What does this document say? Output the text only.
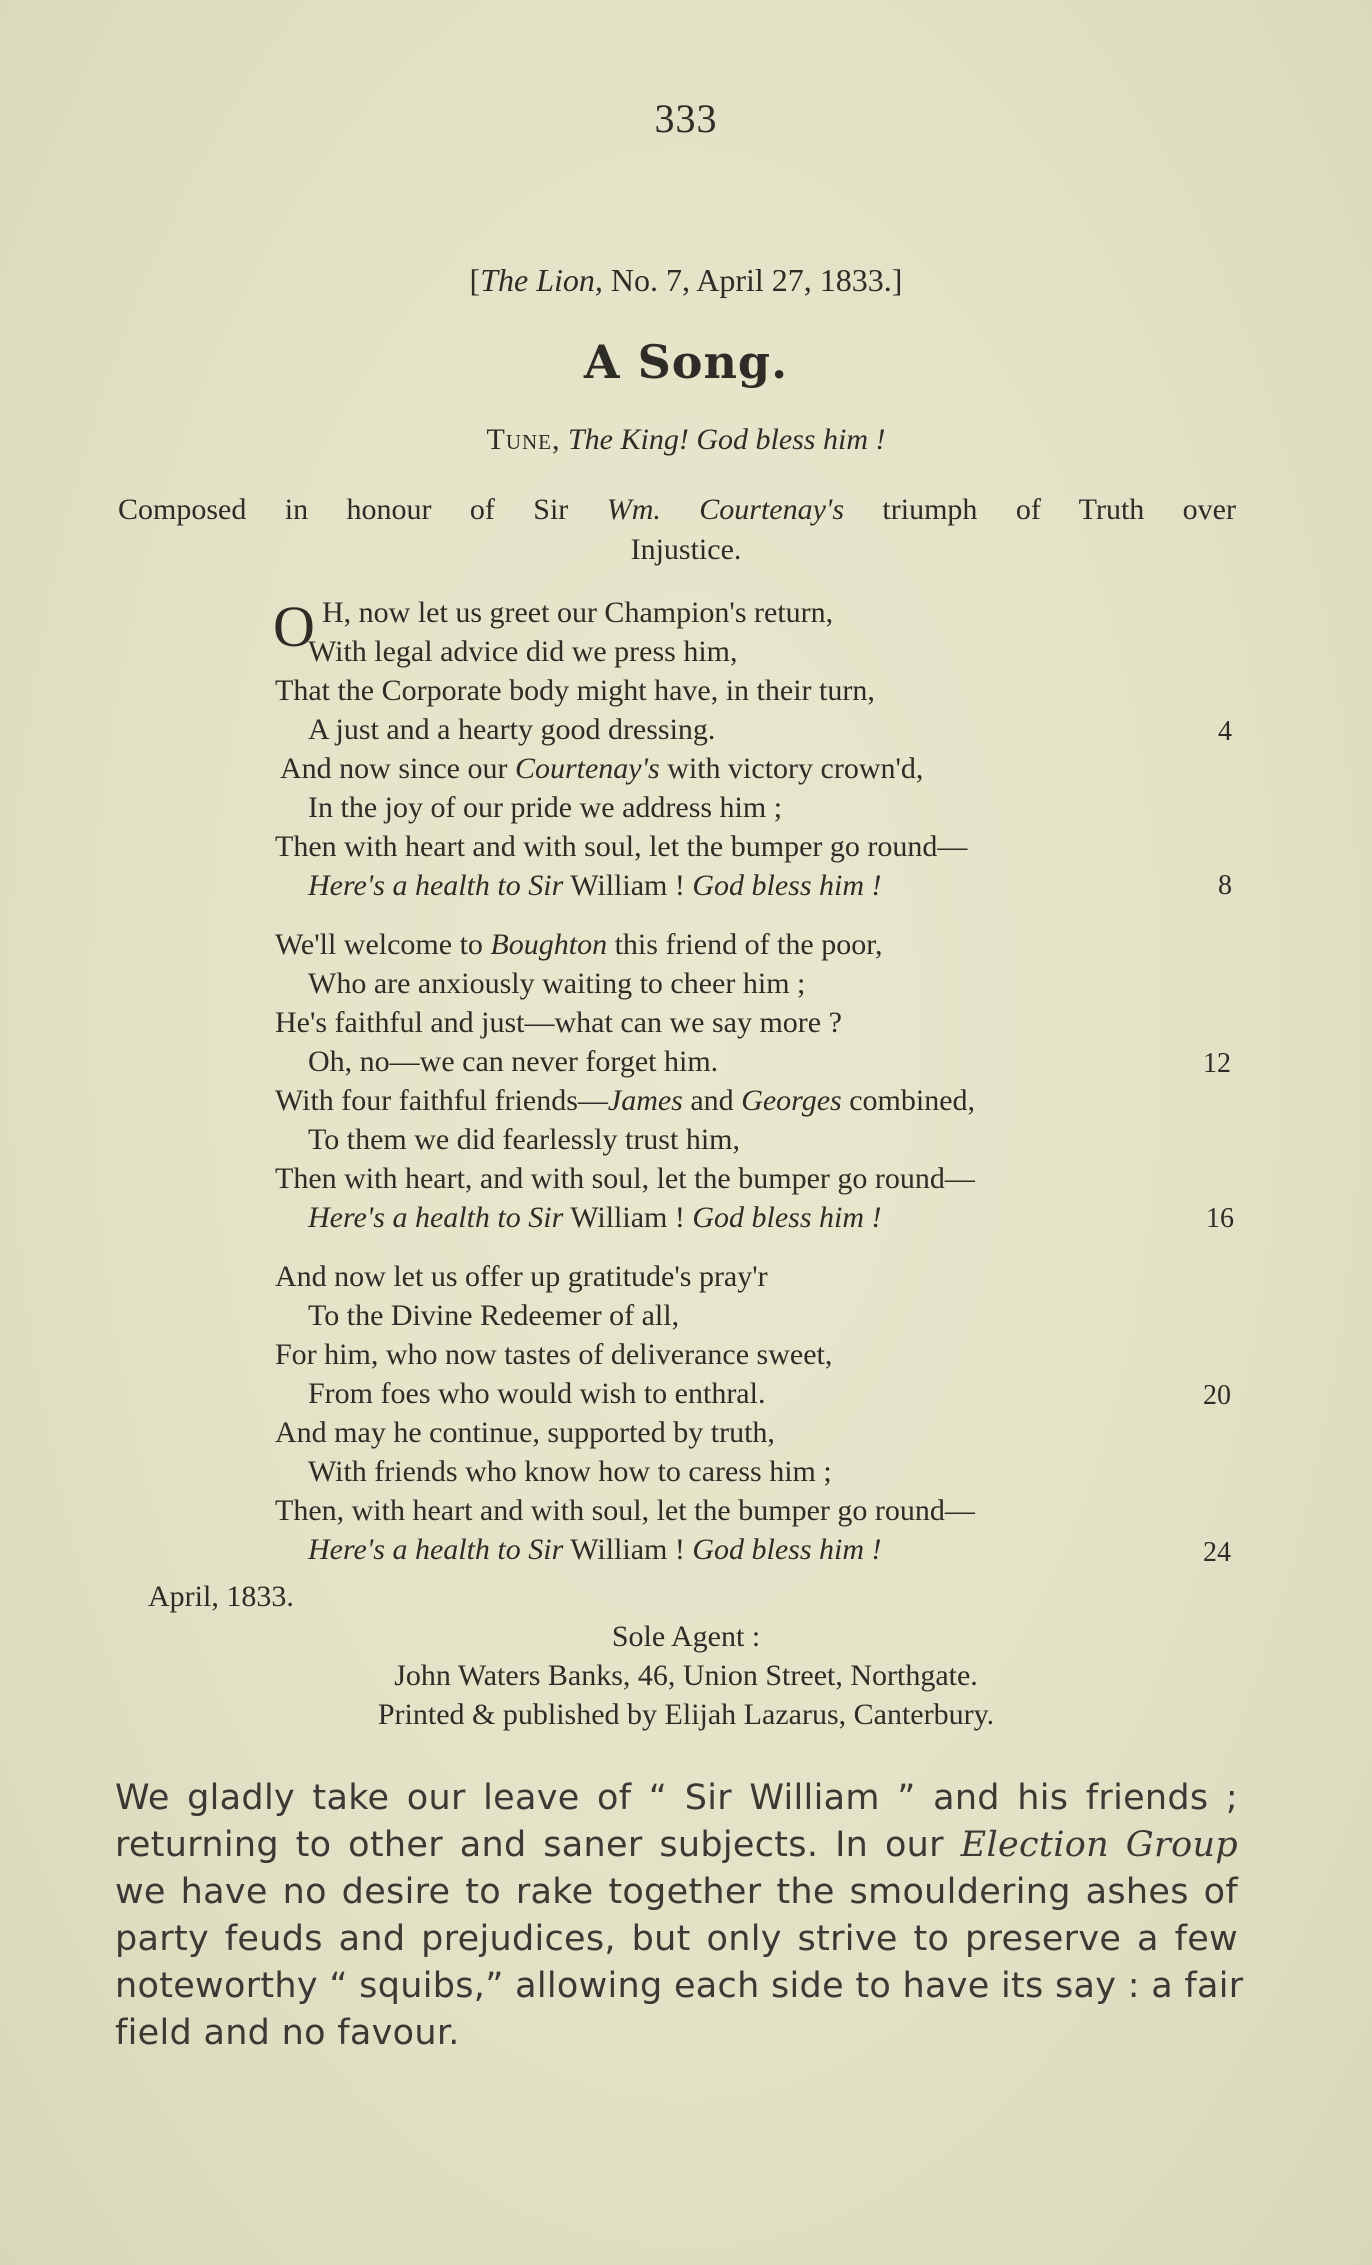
333
[The Lion, No. 7, April 27, 1833.]
A Song.
Tune, The King! God bless him !
Composed in honour of Sir Wm. Courtenay's triumph of Truth over
Injustice.
O H, now let us greet our Champion's return,
With legal advice did we press him,
That the Corporate body might have, in their turn,
A just and a hearty good dressing.	4
And now since our Courtenay's with victory crown'd,
In the joy of our pride we address him ;
Then with heart and with soul, let the bumper go round—
Here's a health to Sir William ! God bless him !	8
We'll welcome to Boughton this friend of the poor,
Who are anxiously waiting to cheer him ;
He's faithful and just—what can we say more ?
Oh, no—we can never forget him.	12
With four faithful friends—James and Georges combined,
To them we did fearlessly trust him,
Then with heart, and with soul, let the bumper go round—
Here's a health to Sir William ! God bless him !	16
And now let us offer up gratitude's pray'r
To the Divine Redeemer of all,
For him, who now tastes of deliverance sweet,
From foes who would wish to enthral.	20
And may he continue, supported by truth,
With friends who know how to caress him ;
Then, with heart and with soul, let the bumper go round—
Here's a health to Sir William ! God bless him !	24
April, 1833.
Sole Agent :
John Waters Banks, 46, Union Street, Northgate.
Printed & published by Elijah Lazarus, Canterbury.
We gladly take our leave of “ Sir William ” and his friends ;
returning to other and saner subjects. In our Election Group
we have no desire to rake together the smouldering ashes of
party feuds and prejudices, but only strive to preserve a few
noteworthy “ squibs,” allowing each side to have its say : a fair
field and no favour.
